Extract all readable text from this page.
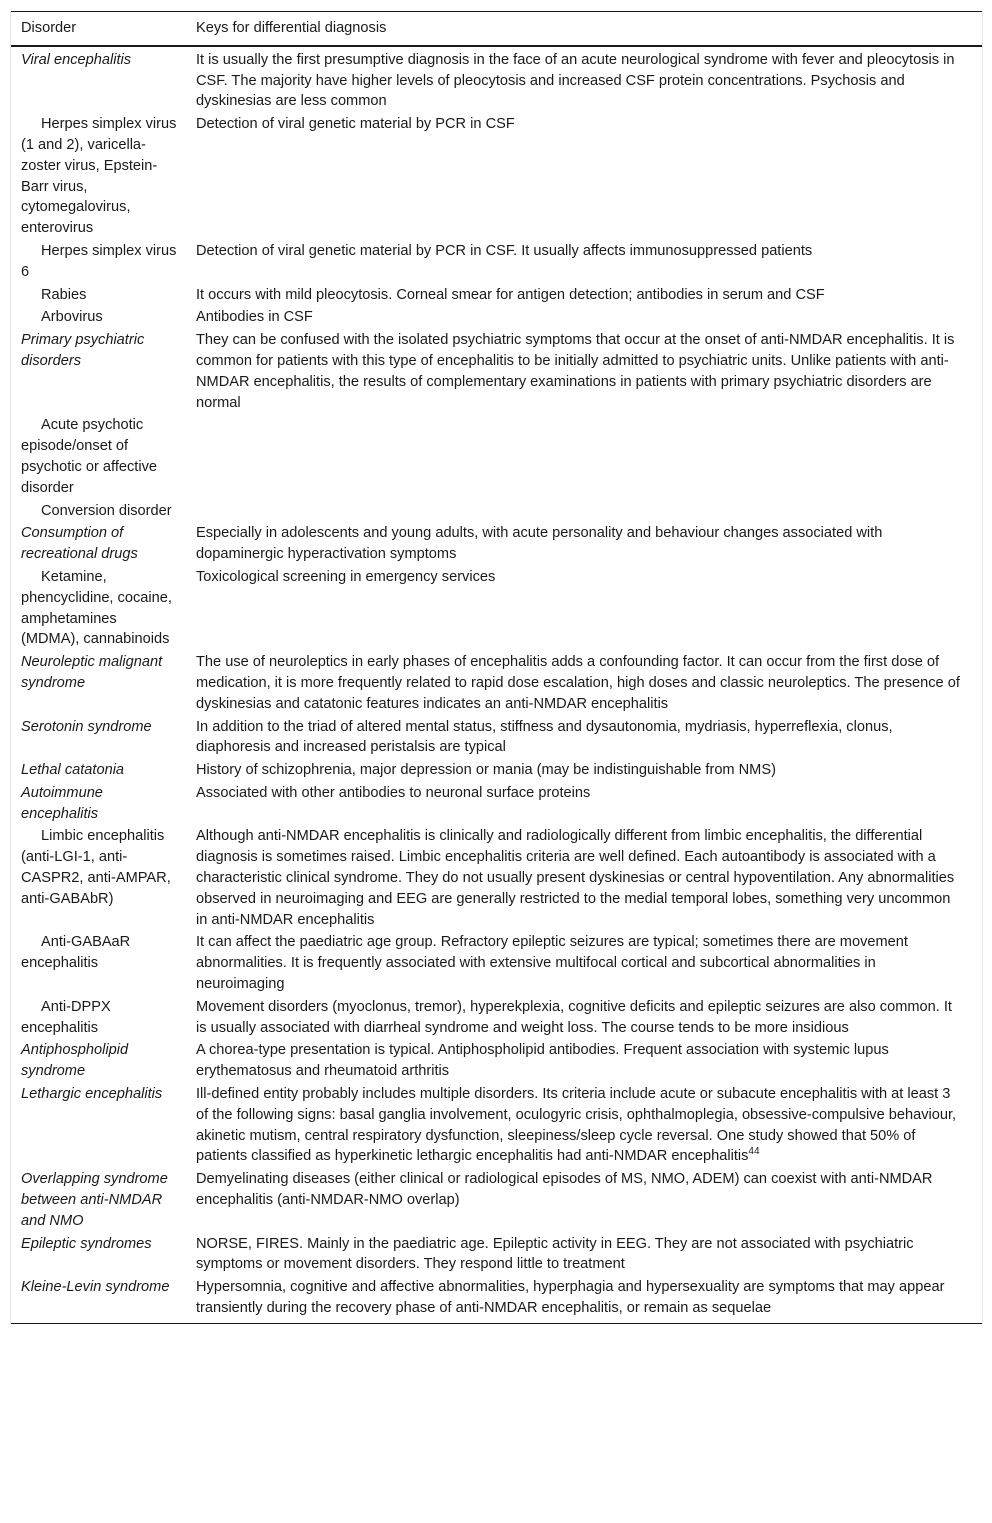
Disorder	Keys for differential diagnosis
Viral encephalitis	It is usually the first presumptive diagnosis in the face of an acute neurological syndrome with fever and pleocytosis in CSF. The majority have higher levels of pleocytosis and increased CSF protein concentrations. Psychosis and dyskinesias are less common
Herpes simplex virus (1 and 2), varicella-zoster virus, Epstein-Barr virus, cytomegalovirus, enterovirus	Detection of viral genetic material by PCR in CSF
Herpes simplex virus 6	Detection of viral genetic material by PCR in CSF. It usually affects immunosuppressed patients
Rabies	It occurs with mild pleocytosis. Corneal smear for antigen detection; antibodies in serum and CSF
Arbovirus	Antibodies in CSF
Primary psychiatric disorders	They can be confused with the isolated psychiatric symptoms that occur at the onset of anti-NMDAR encephalitis. It is common for patients with this type of encephalitis to be initially admitted to psychiatric units. Unlike patients with anti-NMDAR encephalitis, the results of complementary examinations in patients with primary psychiatric disorders are normal
Acute psychotic episode/onset of psychotic or affective disorder	
Conversion disorder	
Consumption of recreational drugs	Especially in adolescents and young adults, with acute personality and behaviour changes associated with dopaminergic hyperactivation symptoms
Ketamine, phencyclidine, cocaine, amphetamines (MDMA), cannabinoids	Toxicological screening in emergency services
Neuroleptic malignant syndrome	The use of neuroleptics in early phases of encephalitis adds a confounding factor. It can occur from the first dose of medication, it is more frequently related to rapid dose escalation, high doses and classic neuroleptics. The presence of dyskinesias and catatonic features indicates an anti-NMDAR encephalitis
Serotonin syndrome	In addition to the triad of altered mental status, stiffness and dysautonomia, mydriasis, hyperreflexia, clonus, diaphoresis and increased peristalsis are typical
Lethal catatonia	History of schizophrenia, major depression or mania (may be indistinguishable from NMS)
Autoimmune encephalitis	Associated with other antibodies to neuronal surface proteins
Limbic encephalitis (anti-LGI-1, anti-CASPR2, anti-AMPAR, anti-GABAbR)	Although anti-NMDAR encephalitis is clinically and radiologically different from limbic encephalitis, the differential diagnosis is sometimes raised. Limbic encephalitis criteria are well defined. Each autoantibody is associated with a characteristic clinical syndrome. They do not usually present dyskinesias or central hypoventilation. Any abnormalities observed in neuroimaging and EEG are generally restricted to the medial temporal lobes, something very uncommon in anti-NMDAR encephalitis
Anti-GABAaR encephalitis	It can affect the paediatric age group. Refractory epileptic seizures are typical; sometimes there are movement abnormalities. It is frequently associated with extensive multifocal cortical and subcortical abnormalities in neuroimaging
Anti-DPPX encephalitis	Movement disorders (myoclonus, tremor), hyperekplexia, cognitive deficits and epileptic seizures are also common. It is usually associated with diarrheal syndrome and weight loss. The course tends to be more insidious
Antiphospholipid syndrome	A chorea-type presentation is typical. Antiphospholipid antibodies. Frequent association with systemic lupus erythematosus and rheumatoid arthritis
Lethargic encephalitis	Ill-defined entity probably includes multiple disorders. Its criteria include acute or subacute encephalitis with at least 3 of the following signs: basal ganglia involvement, oculogyric crisis, ophthalmoplegia, obsessive-compulsive behaviour, akinetic mutism, central respiratory dysfunction, sleepiness/sleep cycle reversal. One study showed that 50% of patients classified as hyperkinetic lethargic encephalitis had anti-NMDAR encephalitis$^{44}$
Overlapping syndrome between anti-NMDAR and NMO	Demyelinating diseases (either clinical or radiological episodes of MS, NMO, ADEM) can coexist with anti-NMDAR encephalitis (anti-NMDAR-NMO overlap)
Epileptic syndromes	NORSE, FIRES. Mainly in the paediatric age. Epileptic activity in EEG. They are not associated with psychiatric symptoms or movement disorders. They respond little to treatment
Kleine-Levin syndrome	Hypersomnia, cognitive and affective abnormalities, hyperphagia and hypersexuality are symptoms that may appear transiently during the recovery phase of anti-NMDAR encephalitis, or remain as sequelae
